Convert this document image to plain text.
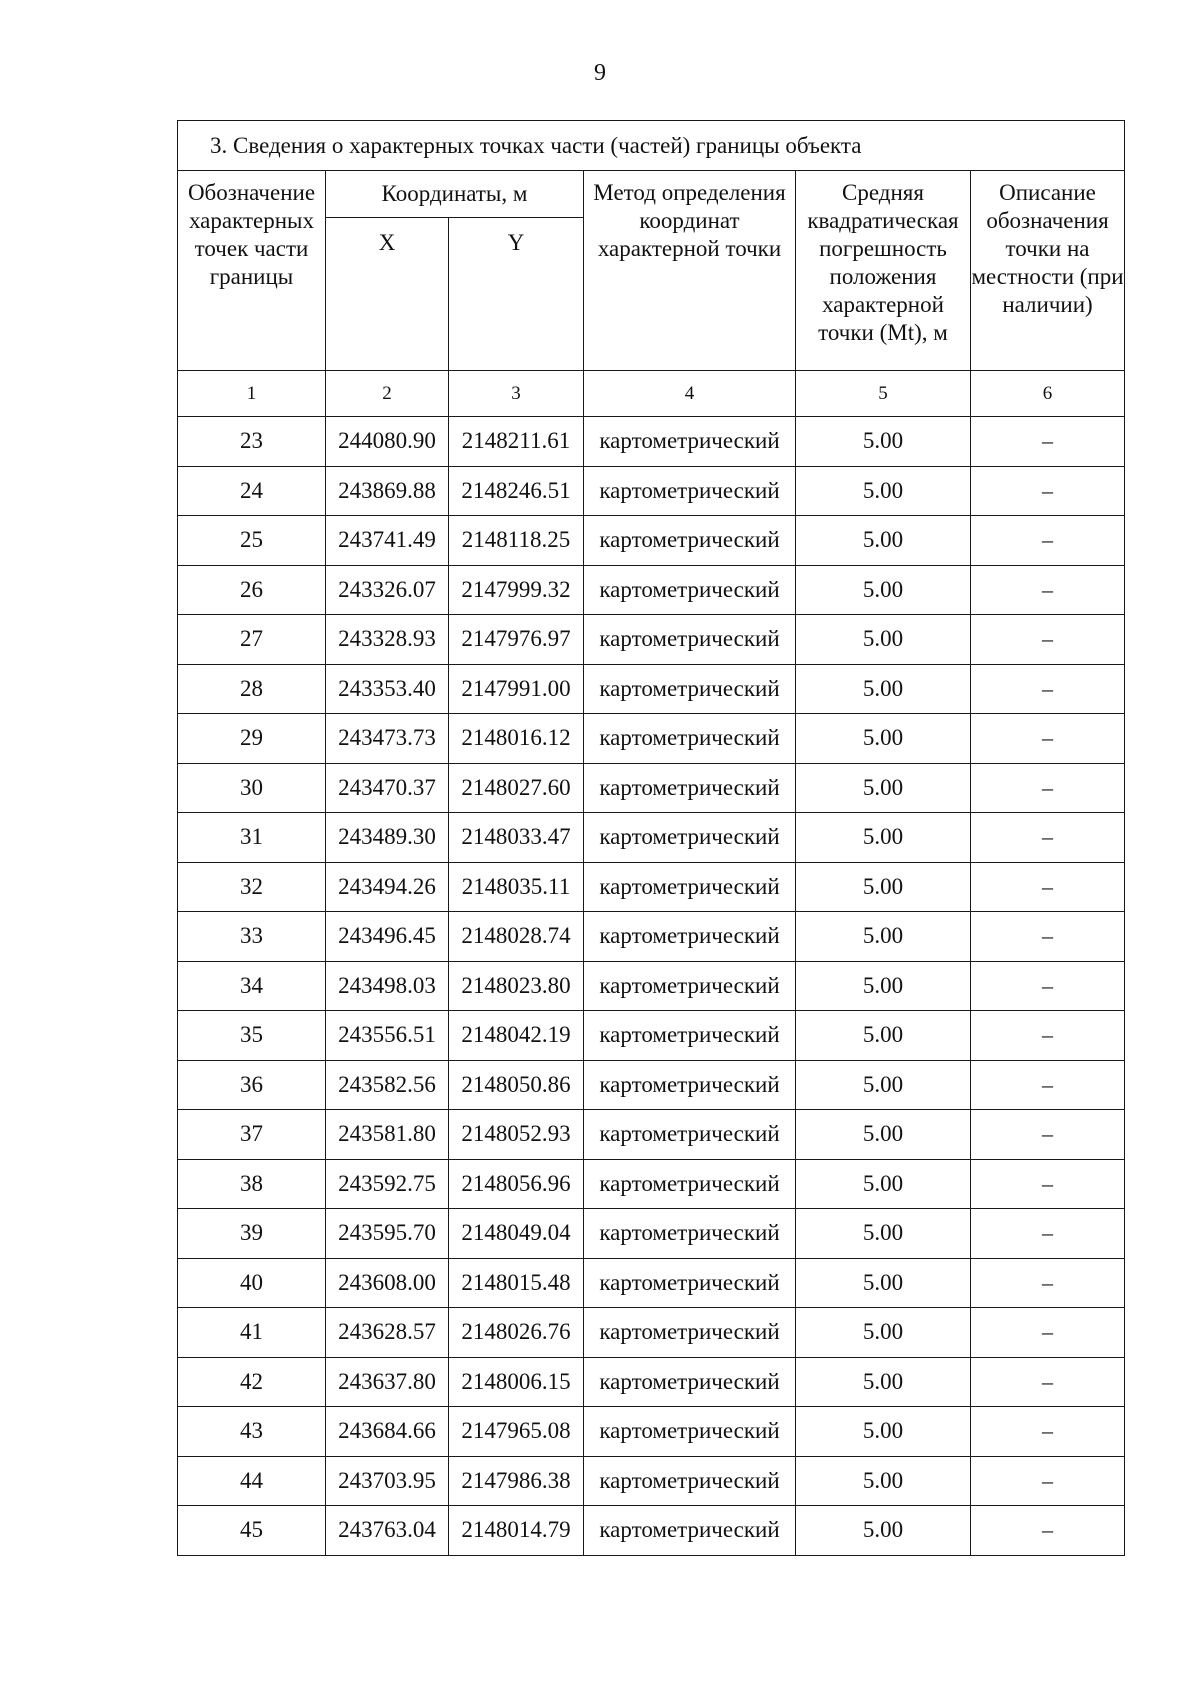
9
3. Сведения о характерных точках части (частей) границы объекта					
Обозначение характерных точек части границы	Координаты, м		Метод определения координат характерной точки	Средняя квадратическая погрешность положения характерной точки (Mt), м	Описание обозначения точки на местности (при наличии)
	X	Y			
1	2	3	4	5	6
23	244080.90	2148211.61	картометрический	5.00	–
24	243869.88	2148246.51	картометрический	5.00	–
25	243741.49	2148118.25	картометрический	5.00	–
26	243326.07	2147999.32	картометрический	5.00	–
27	243328.93	2147976.97	картометрический	5.00	–
28	243353.40	2147991.00	картометрический	5.00	–
29	243473.73	2148016.12	картометрический	5.00	–
30	243470.37	2148027.60	картометрический	5.00	–
31	243489.30	2148033.47	картометрический	5.00	–
32	243494.26	2148035.11	картометрический	5.00	–
33	243496.45	2148028.74	картометрический	5.00	–
34	243498.03	2148023.80	картометрический	5.00	–
35	243556.51	2148042.19	картометрический	5.00	–
36	243582.56	2148050.86	картометрический	5.00	–
37	243581.80	2148052.93	картометрический	5.00	–
38	243592.75	2148056.96	картометрический	5.00	–
39	243595.70	2148049.04	картометрический	5.00	–
40	243608.00	2148015.48	картометрический	5.00	–
41	243628.57	2148026.76	картометрический	5.00	–
42	243637.80	2148006.15	картометрический	5.00	–
43	243684.66	2147965.08	картометрический	5.00	–
44	243703.95	2147986.38	картометрический	5.00	–
45	243763.04	2148014.79	картометрический	5.00	–
